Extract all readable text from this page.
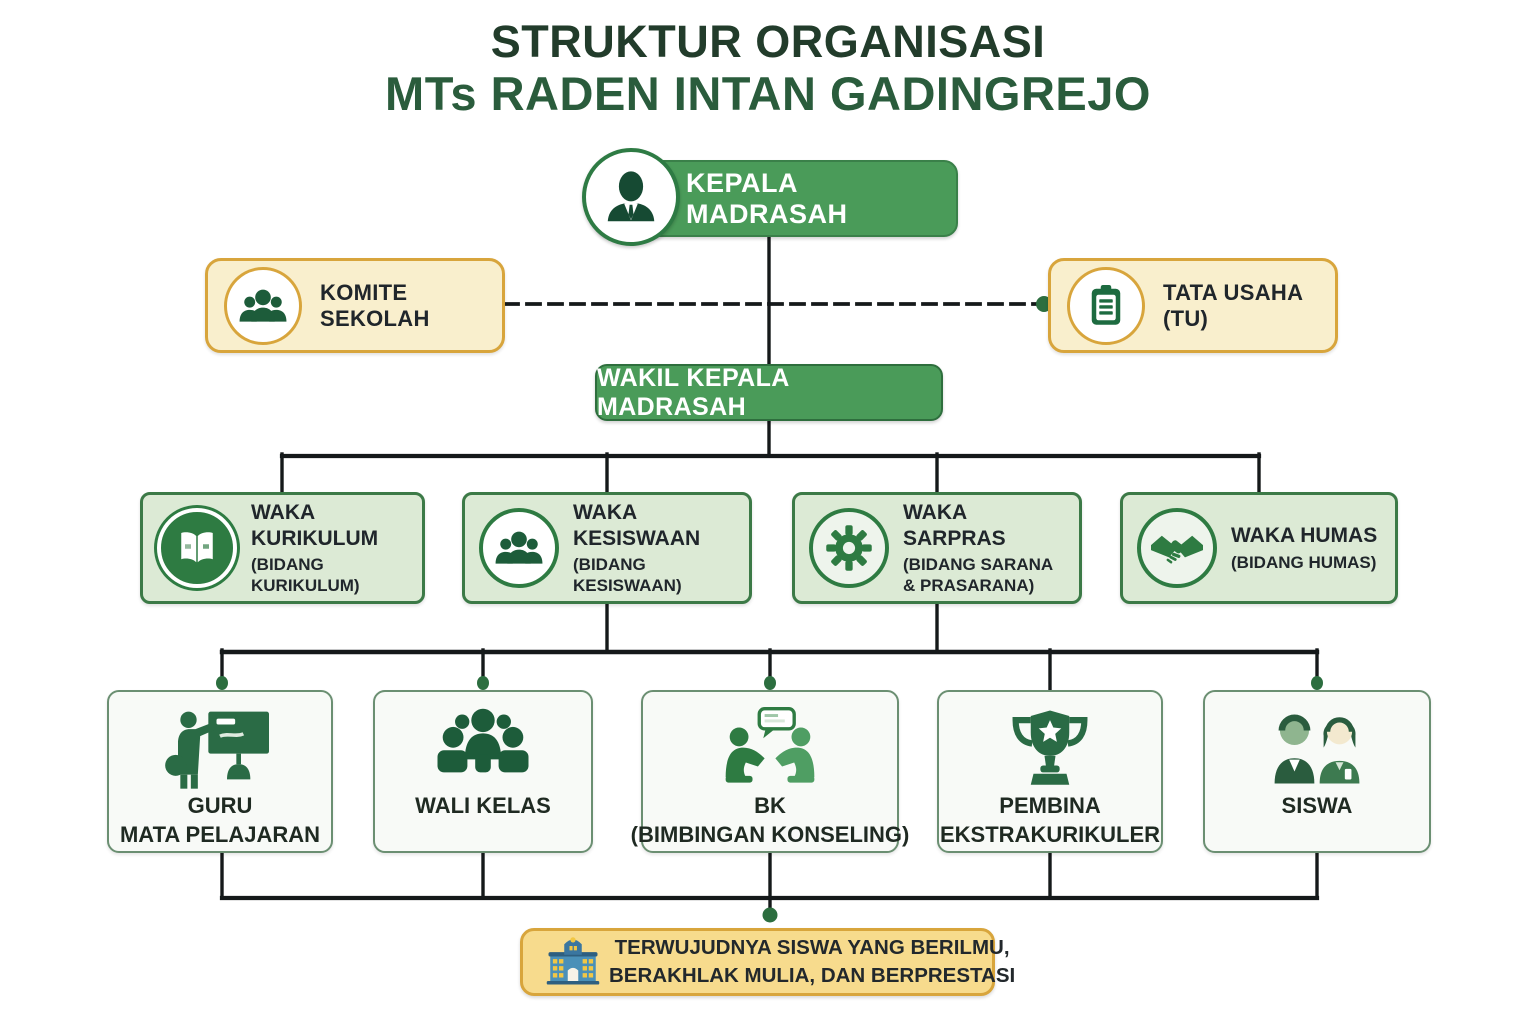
STRUKTUR ORGANISASI
MTs RADEN INTAN GADINGREJO
KEPALA MADRASAH
KOMITE SEKOLAH
TATA USAHA (TU)
WAKIL KEPALA MADRASAH
WAKA KURIKULUM
(BIDANG KURIKULUM)
WAKA KESISWAAN
(BIDANG KESISWAAN)
WAKA SARPRAS
(BIDANG SARANA & PRASARANA)
WAKA HUMAS
(BIDANG HUMAS)
GURU
MATA PELAJARAN
WALI KELAS	BK
(BIMBINGAN KONSELING)
PEMBINA
EKSTRAKURIKULER
SISWA
TERWUJUDNYA SISWA YANG BERILMU,
BERAKHLAK MULIA, DAN BERPRESTASI
